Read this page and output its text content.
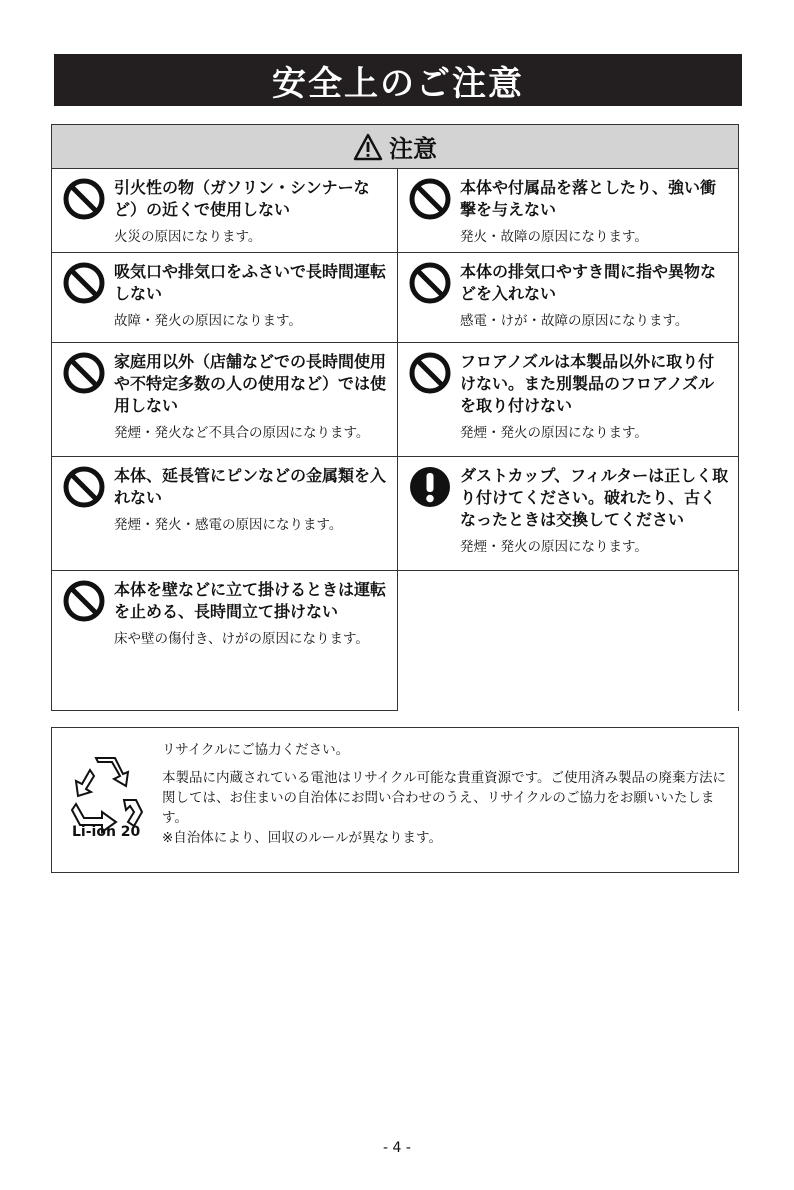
安全上のご注意
注意
引火性の物（ガソリン・シンナーなど）の近くで使用しない
火災の原因になります。
本体や付属品を落としたり、強い衝撃を与えない
発火・故障の原因になります。
吸気口や排気口をふさいで長時間運転しない
故障・発火の原因になります。
本体の排気口やすき間に指や異物などを入れない
感電・けが・故障の原因になります。
家庭用以外（店舗などでの長時間使用や不特定多数の人の使用など）では使用しない
発煙・発火など不具合の原因になります。
フロアノズルは本製品以外に取り付けない。また別製品のフロアノズルを取り付けない
発煙・発火の原因になります。
本体、延長管にピンなどの金属類を入れない
発煙・発火・感電の原因になります。
ダストカップ、フィルターは正しく取り付けてください。破れたり、古くなったときは交換してください
発煙・発火の原因になります。
本体を壁などに立て掛けるときは運転を止める、長時間立て掛けない
床や壁の傷付き、けがの原因になります。
Li-ion 20
リサイクルにご協力ください。
本製品に内蔵されている電池はリサイクル可能な貴重資源です。ご使用済み製品の廃棄方法に関しては、お住まいの自治体にお問い合わせのうえ、リサイクルのご協力をお願いいたします。
※自治体により、回収のルールが異なります。
- 4 -
